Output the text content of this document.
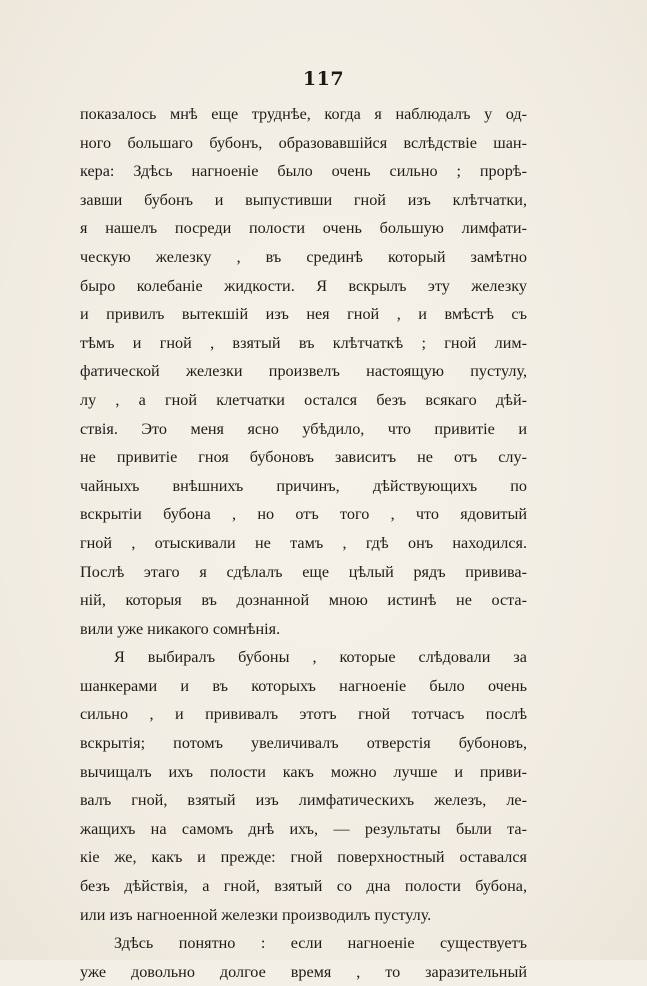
117
показалось мнѣ еще труднѣе, когда я наблюдалъ у од-
ного большаго бубонъ, образовавшійся вслѣдствіе шан-
кера: Здѣсь нагноеніе было очень сильно ; прорѣ-
завши бубонъ и выпустивши гной изъ клѣтчатки,
я нашелъ посреди полости очень большую лимфати-
ческую железку , въ срединѣ который замѣтно
быро колебаніе жидкости. Я вскрылъ эту железку
и привилъ вытекшій изъ нея гной , и вмѣстѣ съ
тѣмъ и гной , взятый въ клѣтчаткѣ ; гной лим-
фатической железки произвелъ настоящую пустулу,
лу , а гной клетчатки остался безъ всякаго дѣй-
ствія. Это меня ясно убѣдило, что привитіе и
не привитіе гноя бубоновъ зависитъ не отъ слу-
чайныхъ внѣшнихъ причинъ, дѣйствующихъ по
вскрытіи бубона , но отъ того , что ядовитый
гной , отыскивали не тамъ , гдѣ онъ находился.
Послѣ этаго я сдѣлалъ еще цѣлый рядъ привива-
ній, которыя въ дознанной мною истинѣ не оста-
вили уже никакого сомнѣнія.
Я выбиралъ бубоны , которые слѣдовали за
шанкерами и въ которыхъ нагноеніе было очень
сильно , и прививалъ этотъ гной тотчасъ послѣ
вскрытія; потомъ увеличивалъ отверстія бубоновъ,
вычищалъ ихъ полости какъ можно лучше и приви-
валъ гной, взятый изъ лимфатическихъ железъ, ле-
жащихъ на самомъ днѣ ихъ, — результаты были та-
кіе же, какъ и прежде: гной поверхностный оставался
безъ дѣйствія, а гной, взятый со дна полости бубона,
или изъ нагноенной железки производилъ пустулу.
Здѣсь понятно : если нагноеніе существуетъ
уже довольно долгое время , то заразительный
